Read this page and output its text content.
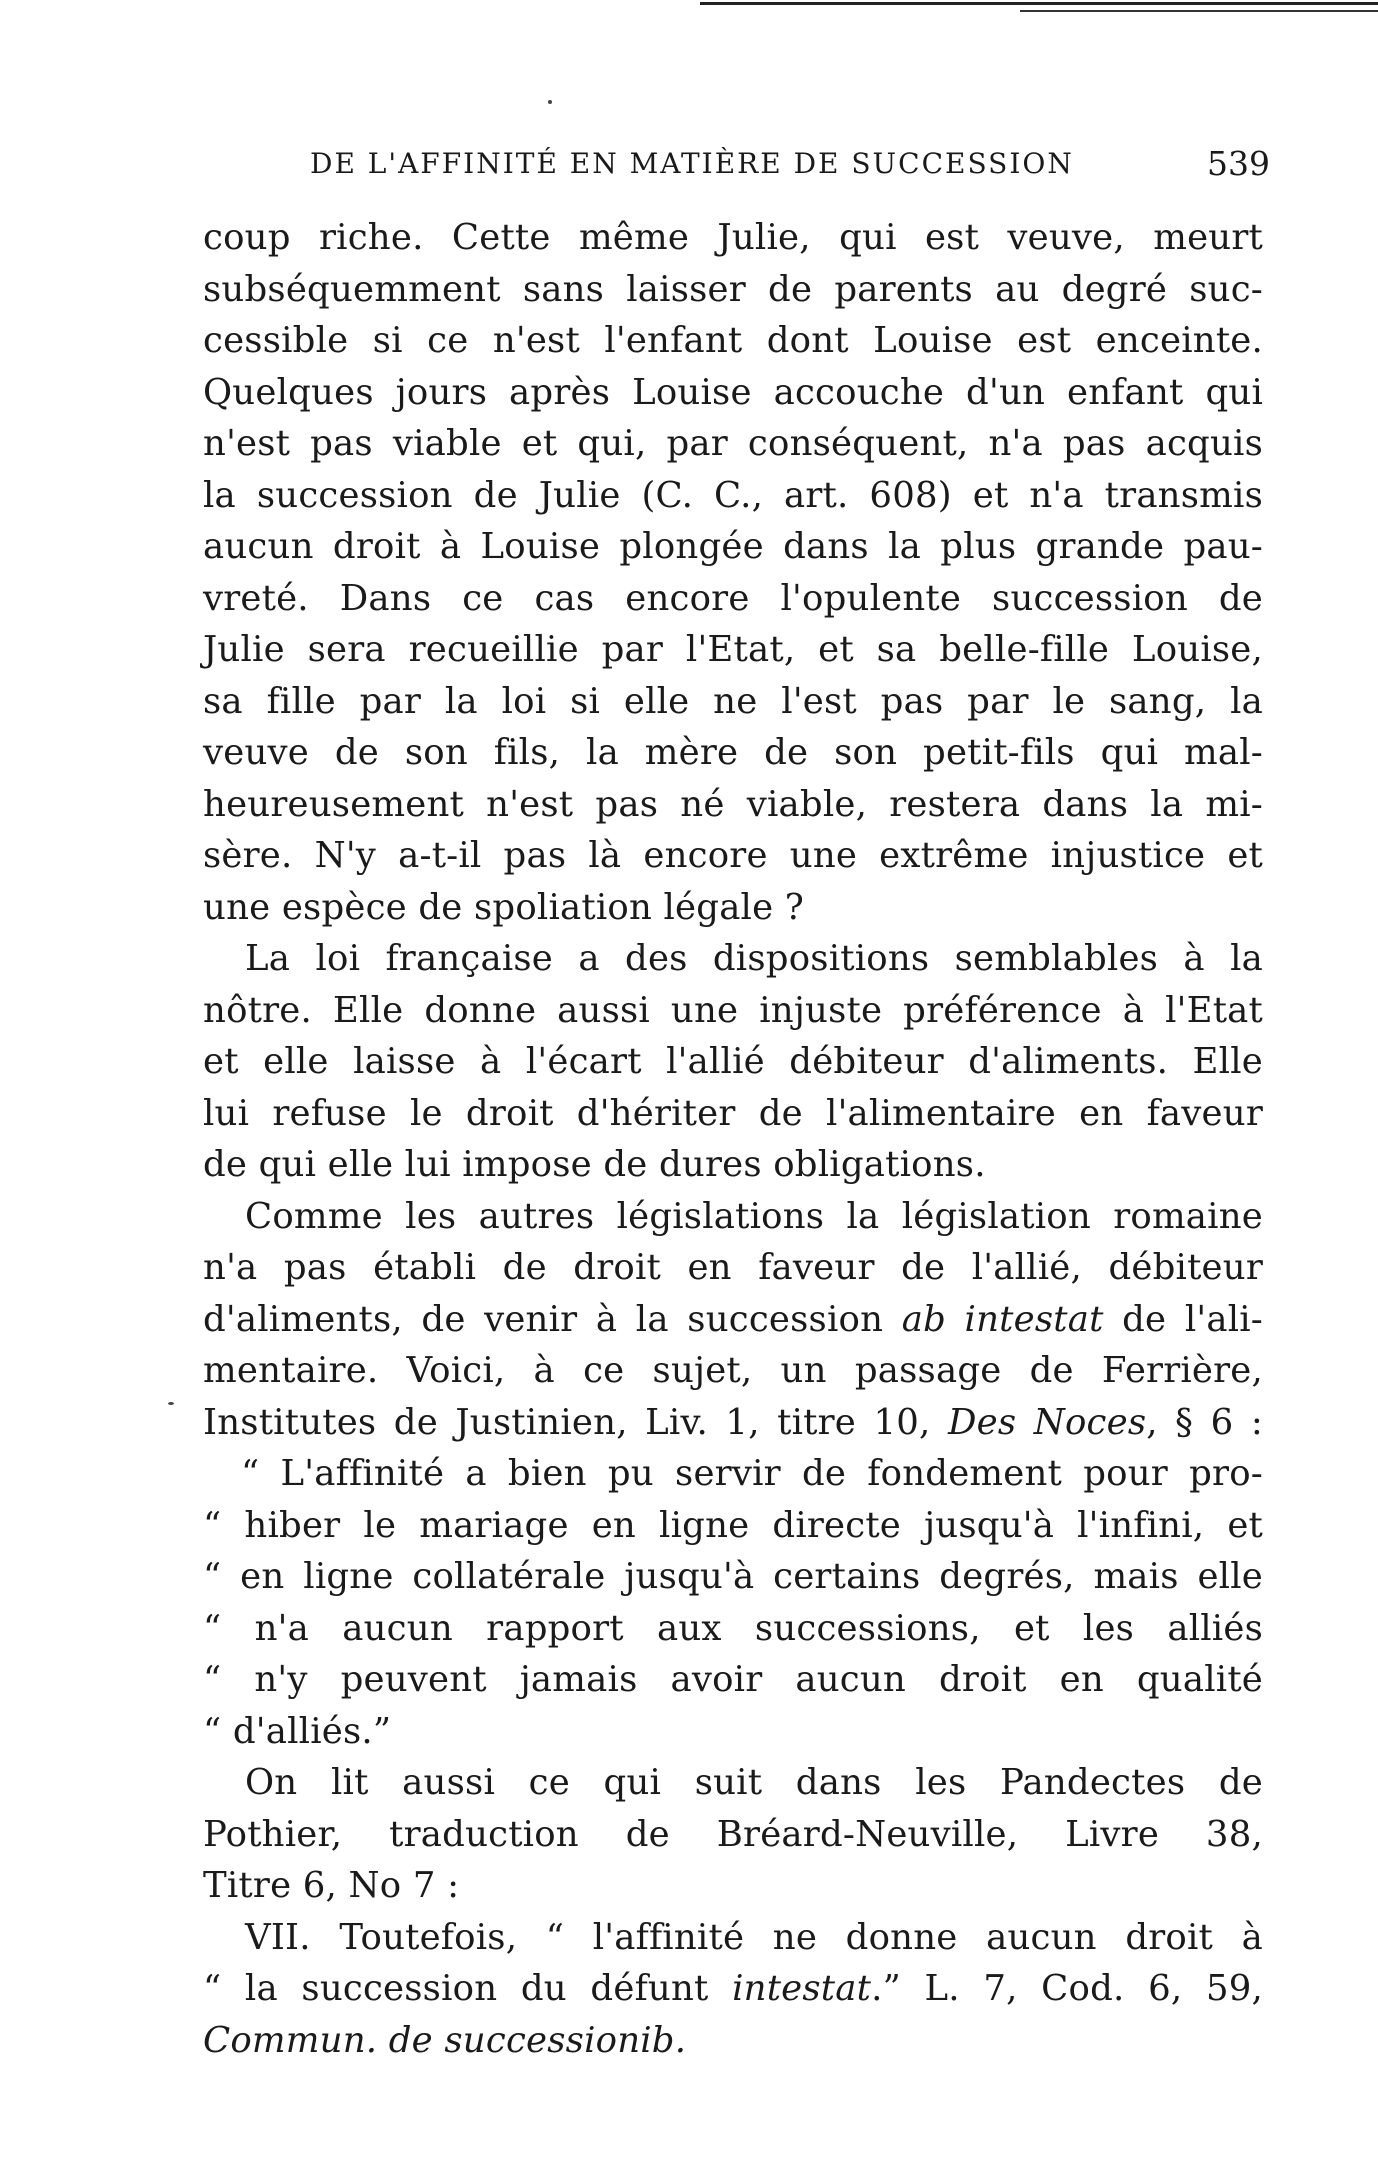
DE L'AFFINITÉ EN MATIÈRE DE SUCCESSION	539
coup riche. Cette même Julie, qui est veuve, meurt
subséquemment sans laisser de parents au degré suc-
cessible si ce n'est l'enfant dont Louise est enceinte.
Quelques jours après Louise accouche d'un enfant qui
n'est pas viable et qui, par conséquent, n'a pas acquis
la succession de Julie (C. C., art. 608) et n'a transmis
aucun droit à Louise plongée dans la plus grande pau-
vreté. Dans ce cas encore l'opulente succession de
Julie sera recueillie par l'Etat, et sa belle-fille Louise,
sa fille par la loi si elle ne l'est pas par le sang, la
veuve de son fils, la mère de son petit-fils qui mal-
heureusement n'est pas né viable, restera dans la mi-
sère. N'y a-t-il pas là encore une extrême injustice et
une espèce de spoliation légale ?
La loi française a des dispositions semblables à la
nôtre. Elle donne aussi une injuste préférence à l'Etat
et elle laisse à l'écart l'allié débiteur d'aliments. Elle
lui refuse le droit d'hériter de l'alimentaire en faveur
de qui elle lui impose de dures obligations.
Comme les autres législations la législation romaine
n'a pas établi de droit en faveur de l'allié, débiteur
d'aliments, de venir à la succession ab intestat de l'ali-
mentaire. Voici, à ce sujet, un passage de Ferrière,
Institutes de Justinien, Liv. 1, titre 10, Des Noces, § 6 :
“ L'affinité a bien pu servir de fondement pour pro-
“ hiber le mariage en ligne directe jusqu'à l'infini, et
“ en ligne collatérale jusqu'à certains degrés, mais elle
“ n'a aucun rapport aux successions, et les alliés
“ n'y peuvent jamais avoir aucun droit en qualité
“ d'alliés.”
On lit aussi ce qui suit dans les Pandectes de
Pothier, traduction de Bréard-Neuville, Livre 38,
Titre 6, No 7 :
VII. Toutefois, “ l'affinité ne donne aucun droit à
“ la succession du défunt intestat.” L. 7, Cod. 6, 59,
Commun. de successionib.
